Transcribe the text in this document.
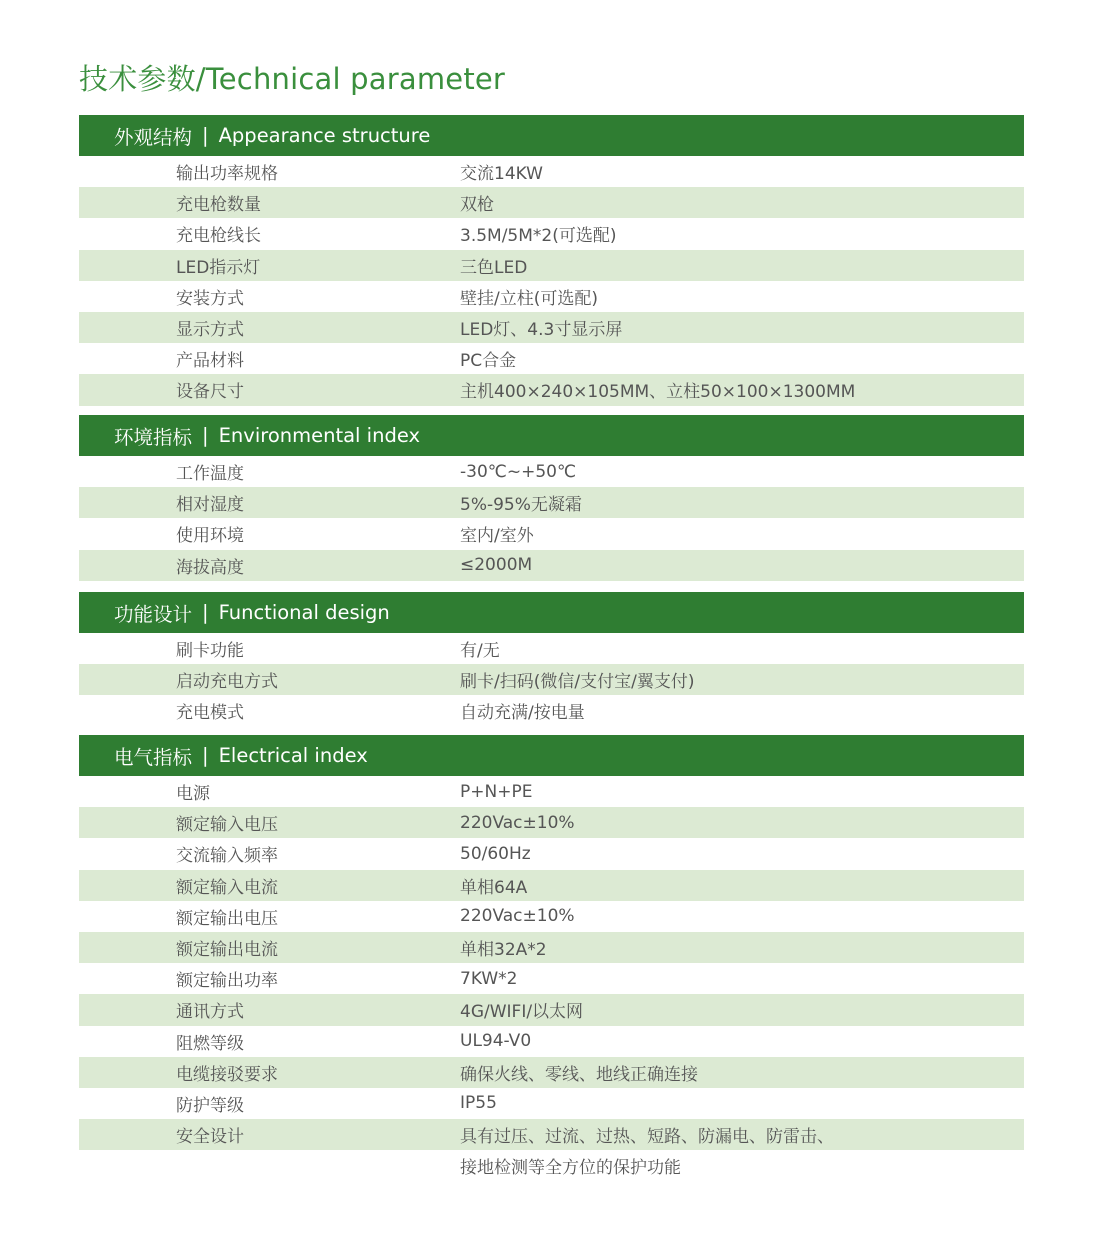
技术参数/Technical parameter
外观结构 | Appearance structure
输出功率规格	交流14KW
充电枪数量	双枪
充电枪线长	3.5M/5M*2(可选配)
LED指示灯	三色LED
安装方式	壁挂/立柱(可选配)
显示方式	LED灯、4.3寸显示屏
产品材料	PC合金
设备尺寸	主机400×240×105MM、立柱50×100×1300MM
环境指标 | Environmental index
工作温度	-30℃~+50℃
相对湿度	5%-95%无凝霜
使用环境	室内/室外
海拔高度	≤2000M
功能设计 | Functional design
刷卡功能	有/无
启动充电方式	刷卡/扫码(微信/支付宝/翼支付)
充电模式	自动充满/按电量
电气指标 | Electrical index
电源	P+N+PE
额定输入电压	220Vac±10%
交流输入频率	50/60Hz
额定输入电流	单相64A
额定输出电压	220Vac±10%
额定输出电流	单相32A*2
额定输出功率	7KW*2
通讯方式	4G/WIFI/以太网
阻燃等级	UL94-V0
电缆接驳要求	确保火线、零线、地线正确连接
防护等级	IP55
安全设计	具有过压、过流、过热、短路、防漏电、防雷击、
接地检测等全方位的保护功能
